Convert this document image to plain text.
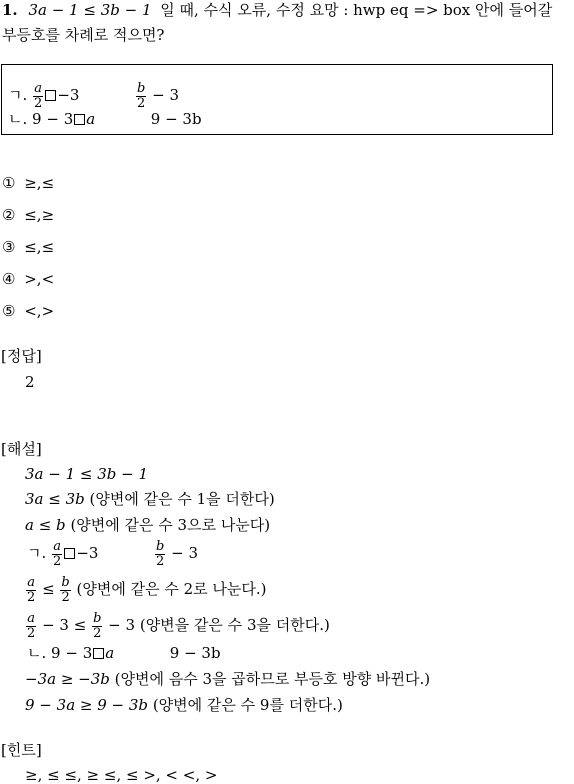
1. 3a − 1 ≤ 3b − 1 일 때, 수식 오류, 수정 요망 : hwp eq => box 안에 들어갈
부등호를 차례로 적으면?
ㄱ. $\frac{a}{2} -3$	$\frac{b}{2} - 3$
ㄴ. 9 − 3 a	9 − 3b
① ≥,≤
② ≤,≥
③ ≤,≤
④ >,<
⑤ <,>
[정답]
2
[해설]
3a − 1 ≤ 3b − 1
3a ≤ 3b (양변에 같은 수 1을 더한다)
a ≤ b (양변에 같은 수 3으로 나눈다)
ㄱ. $\frac{a}{2} -3$	$\frac{b}{2} - 3$
$\frac{a}{2} \le \frac{b}{2}$ (양변에 같은 수 2로 나눈다.)
$\frac{a}{2} - 3 \le \frac{b}{2} - 3$ (양변을 같은 수 3을 더한다.)
ㄴ. 9 − 3 a	9 − 3b
−3a ≥ −3b (양변에 음수 3을 곱하므로 부등호 방향 바뀐다.)
9 − 3a ≥ 9 − 3b (양변에 같은 수 9를 더한다.)
[힌트]
≥, ≤ ≤, ≥ ≤, ≤ >, < <, >
